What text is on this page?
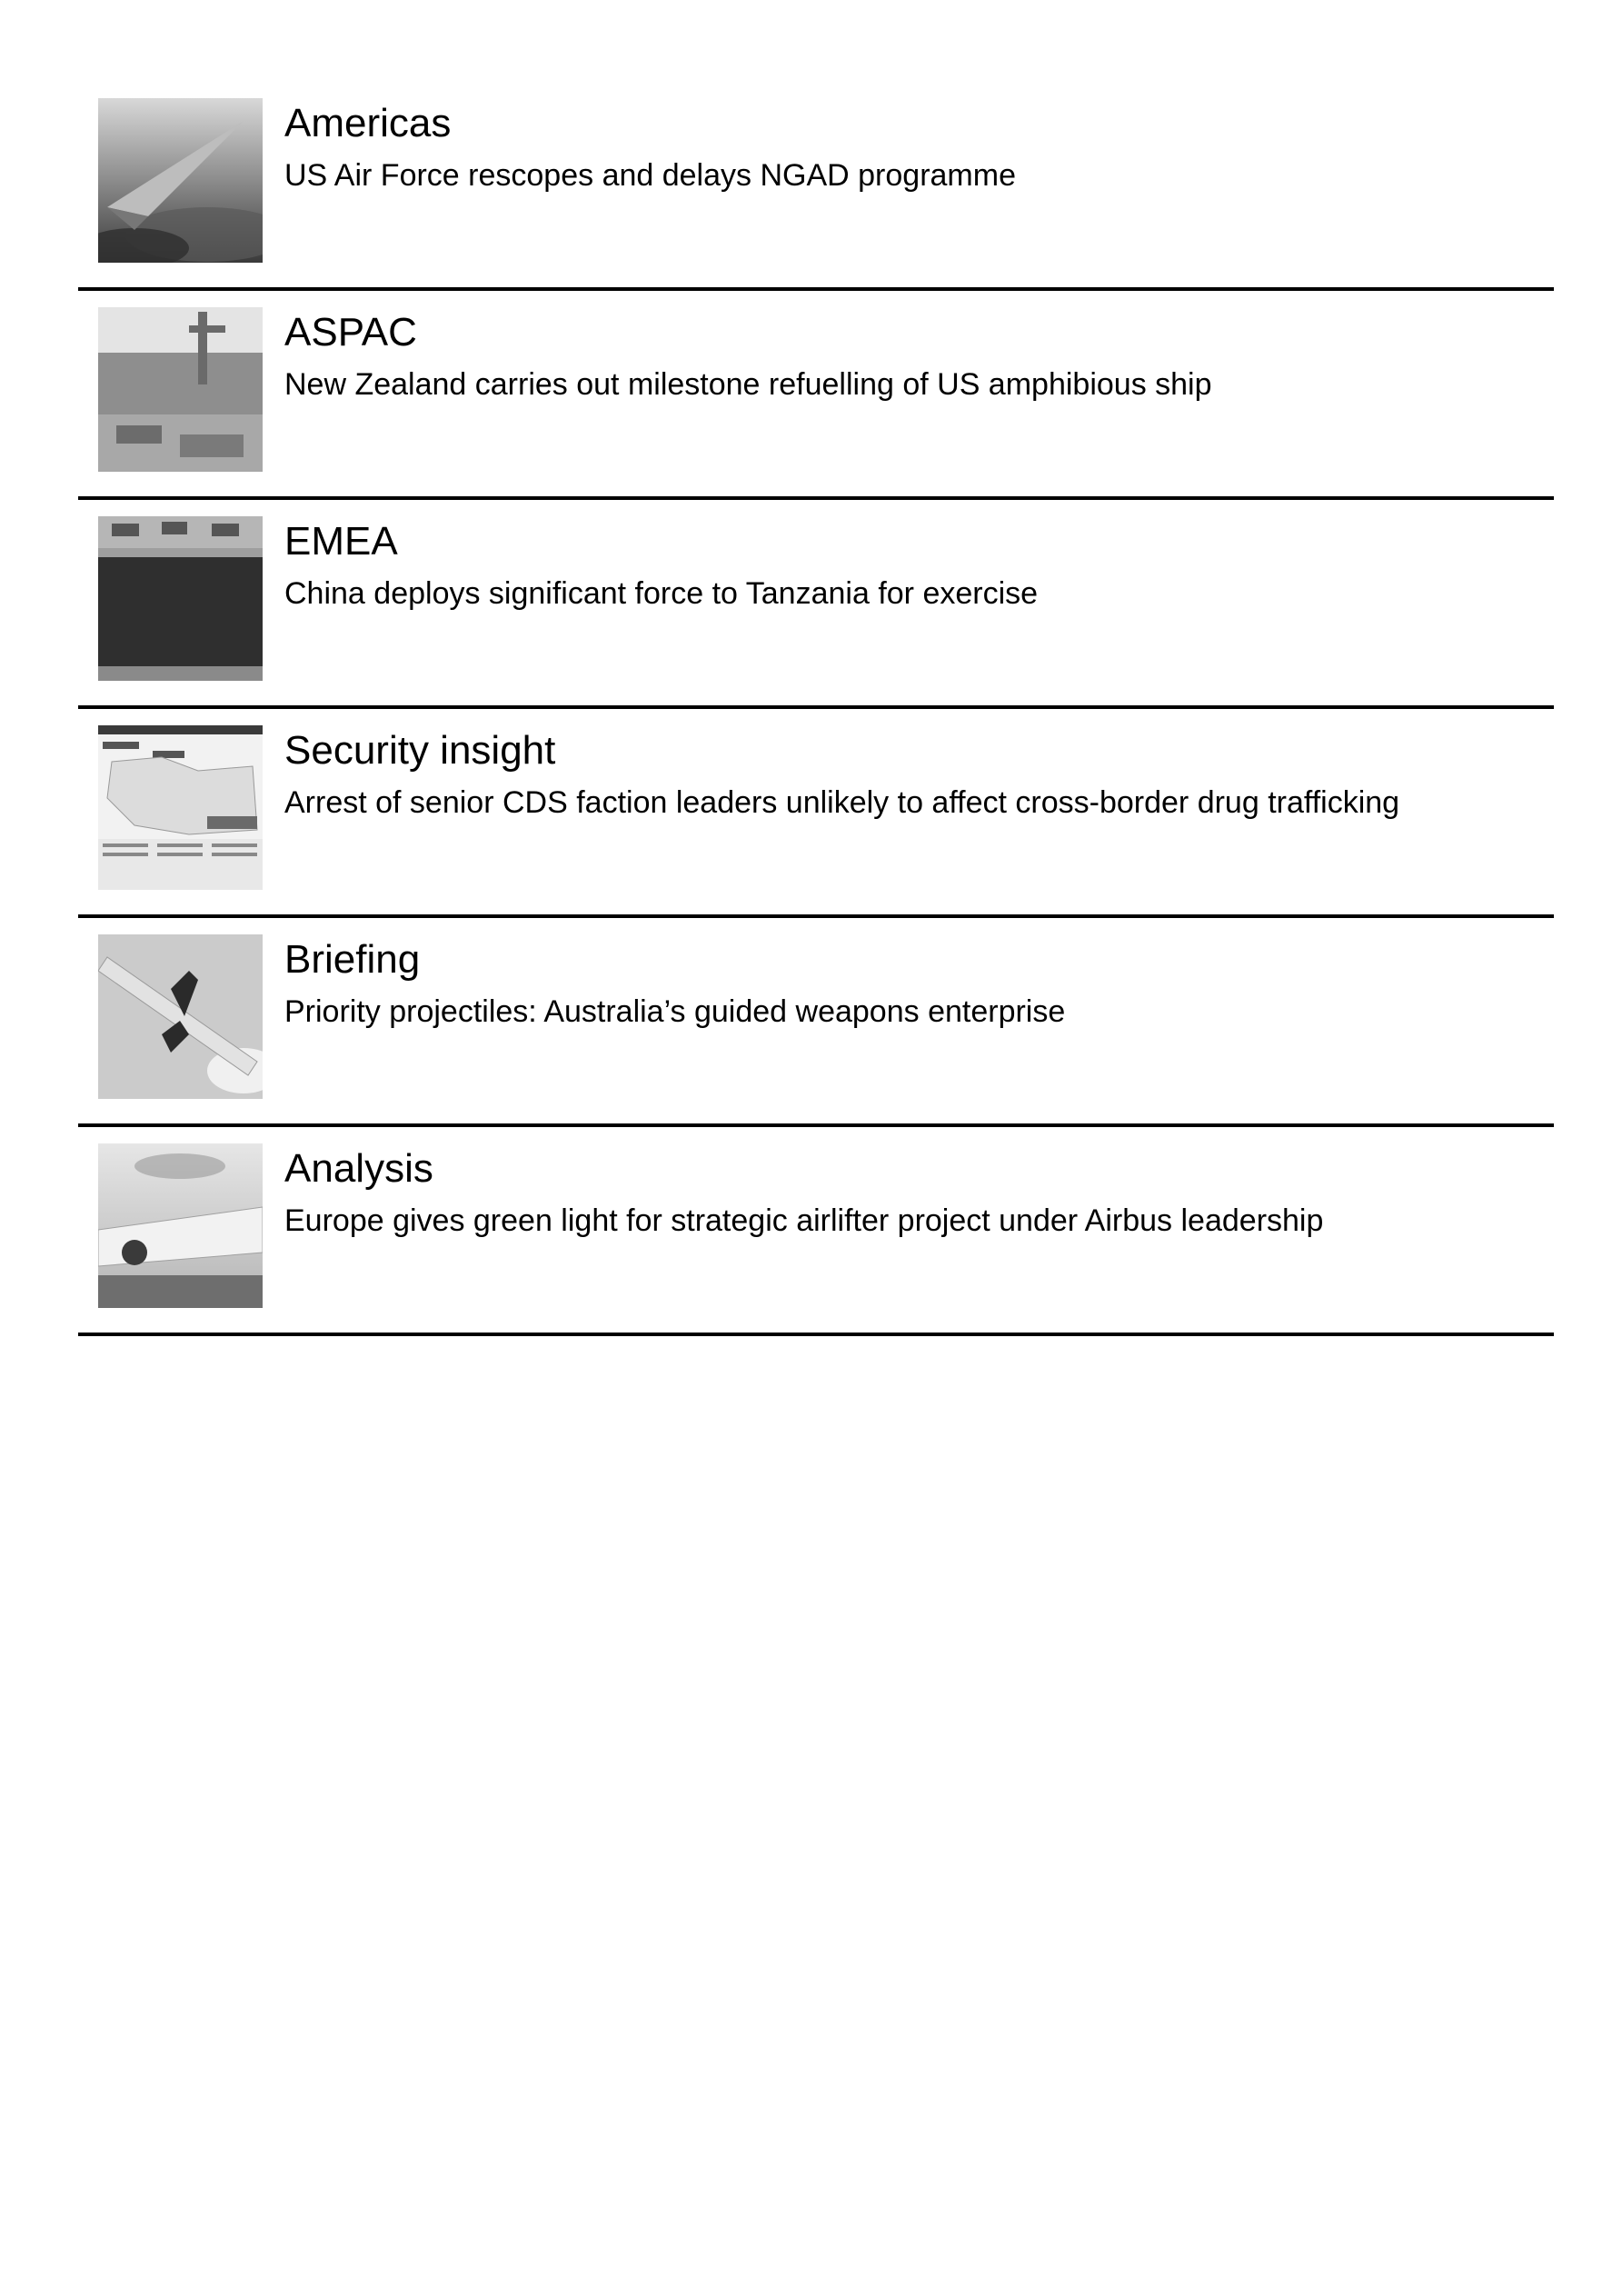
Americas

US Air Force rescopes and delays NGAD programme

ASPAC

New Zealand carries out milestone refuelling of US amphibious ship

EMEA

China deploys significant force to Tanzania for exercise

Security insight

Arrest of senior CDS faction leaders unlikely to affect cross-border drug trafficking

Briefing

Priority projectiles: Australia’s guided weapons enterprise

Analysis

Europe gives green light for strategic airlifter project under Airbus leadership
